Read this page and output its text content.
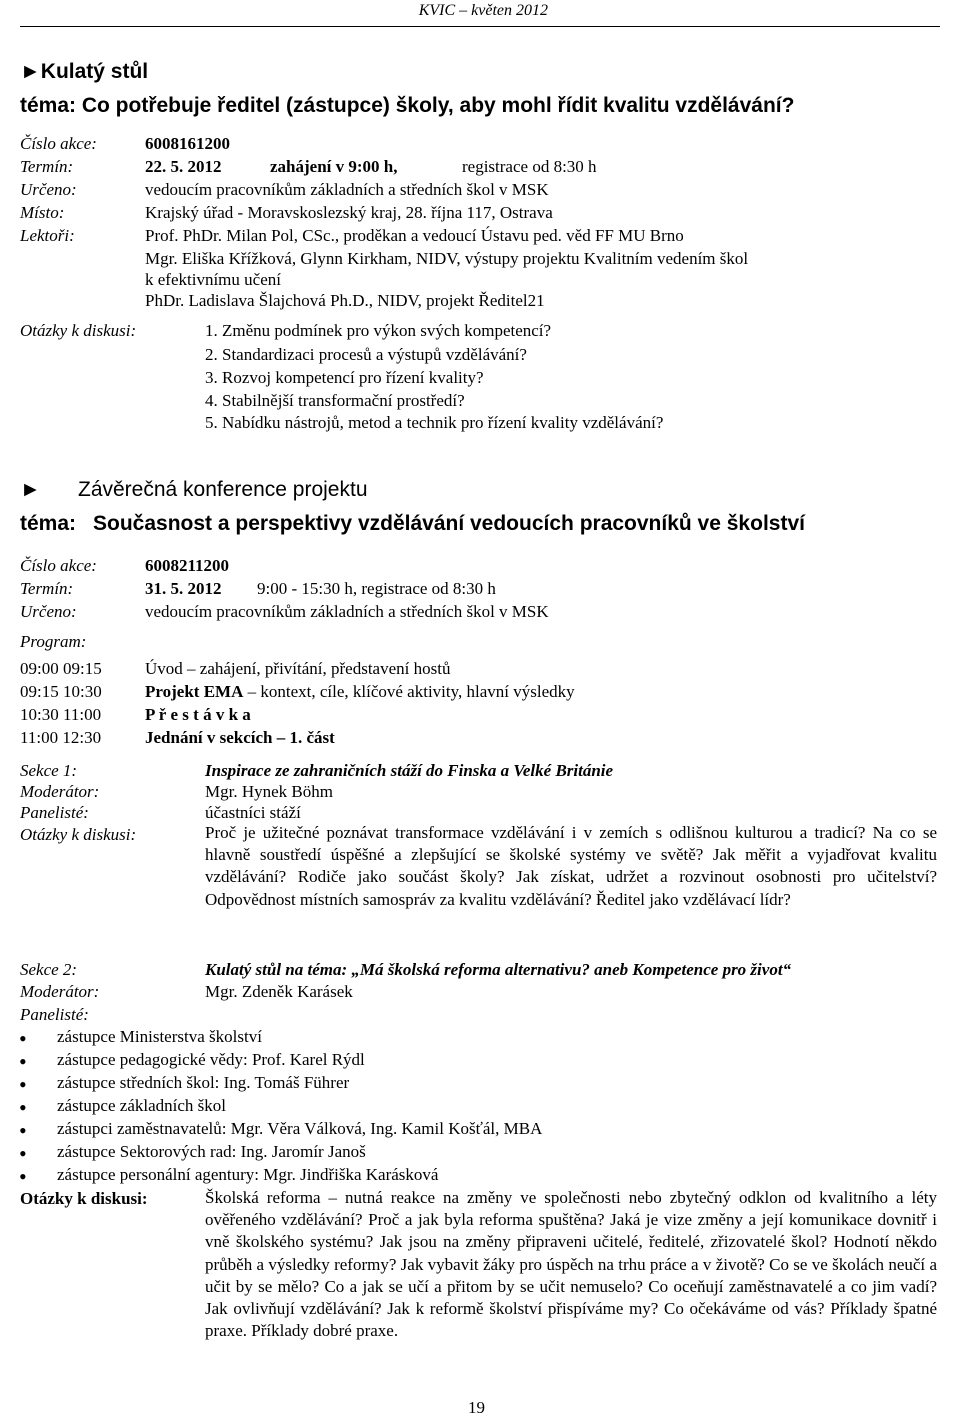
KVIC – květen 2012
►Kulatý stůl
téma: Co potřebuje ředitel (zástupce) školy, aby mohl řídit kvalitu vzdělávání?
Číslo akce:	6008161200
Termín:	22. 5. 2012	zahájení v 9:00 h,	registrace od 8:30 h
Určeno:	vedoucím pracovníkům základních a středních škol v MSK
Místo:	Krajský úřad - Moravskoslezský kraj, 28. října 117, Ostrava
Lektoři:	Prof. PhDr. Milan Pol, CSc., proděkan a vedoucí Ústavu ped. věd FF MU Brno
Mgr. Eliška Křížková, Glynn Kirkham, NIDV, výstupy projektu Kvalitním vedením škol
k efektivnímu učení
PhDr. Ladislava Šlajchová Ph.D., NIDV, projekt Ředitel21
Otázky k diskusi:	1. Změnu podmínek pro výkon svých kompetencí?
2. Standardizaci procesů a výstupů vzdělávání?
3. Rozvoj kompetencí pro řízení kvality?
4. Stabilnější transformační prostředí?
5. Nabídku nástrojů, metod a technik pro řízení kvality vzdělávání?
► Závěrečná konference projektu
téma: Současnost a perspektivy vzdělávání vedoucích pracovníků ve školství
Číslo akce:	6008211200
Termín:	31. 5. 2012 9:00 - 15:30 h, registrace od 8:30 h
Určeno:	vedoucím pracovníkům základních a středních škol v MSK
Program:
09:00 09:15	Úvod – zahájení, přivítání, představení hostů
09:15 10:30	Projekt EMA – kontext, cíle, klíčové aktivity, hlavní výsledky
10:30 11:00	P ř e s t á v k a
11:00 12:30	Jednání v sekcích – 1. část
Sekce 1:	Inspirace ze zahraničních stáží do Finska a Velké Británie
Moderátor:	Mgr. Hynek Böhm
Panelisté:	účastníci stáží
Otázky k diskusi:	Proč je užitečné poznávat transformace vzdělávání i v zemích s odlišnou kulturou a tradicí? Na co se hlavně soustředí úspěšné a zlepšující se školské systémy ve světě? Jak měřit a vyjadřovat kvalitu vzdělávání? Rodiče jako součást školy? Jak získat, udržet a rozvinout osobnosti pro učitelství? Odpovědnost místních samospráv za kvalitu vzdělávání? Ředitel jako vzdělávací lídr?
Sekce 2:	Kulatý stůl na téma: „Má školská reforma alternativu? aneb Kompetence pro život“
Moderátor:	Mgr. Zdeněk Karásek
Panelisté:
• zástupce Ministerstva školství
• zástupce pedagogické vědy: Prof. Karel Rýdl
• zástupce středních škol: Ing. Tomáš Führer
• zástupce základních škol
• zástupci zaměstnavatelů: Mgr. Věra Válková, Ing. Kamil Košťál, MBA
• zástupce Sektorových rad: Ing. Jaromír Janoš
• zástupce personální agentury: Mgr. Jindřiška Karásková
Otázky k diskusi:	Školská reforma – nutná reakce na změny ve společnosti nebo zbytečný odklon od kvalitního a léty ověřeného vzdělávání? Proč a jak byla reforma spuštěna? Jaká je vize změny a její komunikace dovnitř i vně školského systému? Jak jsou na změny připraveni učitelé, ředitelé, zřizovatelé škol? Hodnotí někdo průběh a výsledky reformy? Jak vybavit žáky pro úspěch na trhu práce a v životě? Co se ve školách neučí a učit by se mělo? Co a jak se učí a přitom by se učit nemuselo? Co oceňují zaměstnavatelé a co jim vadí? Jak ovlivňují vzdělávání? Jak k reformě školství přispíváme my? Co očekáváme od vás? Příklady špatné praxe. Příklady dobré praxe.
19
